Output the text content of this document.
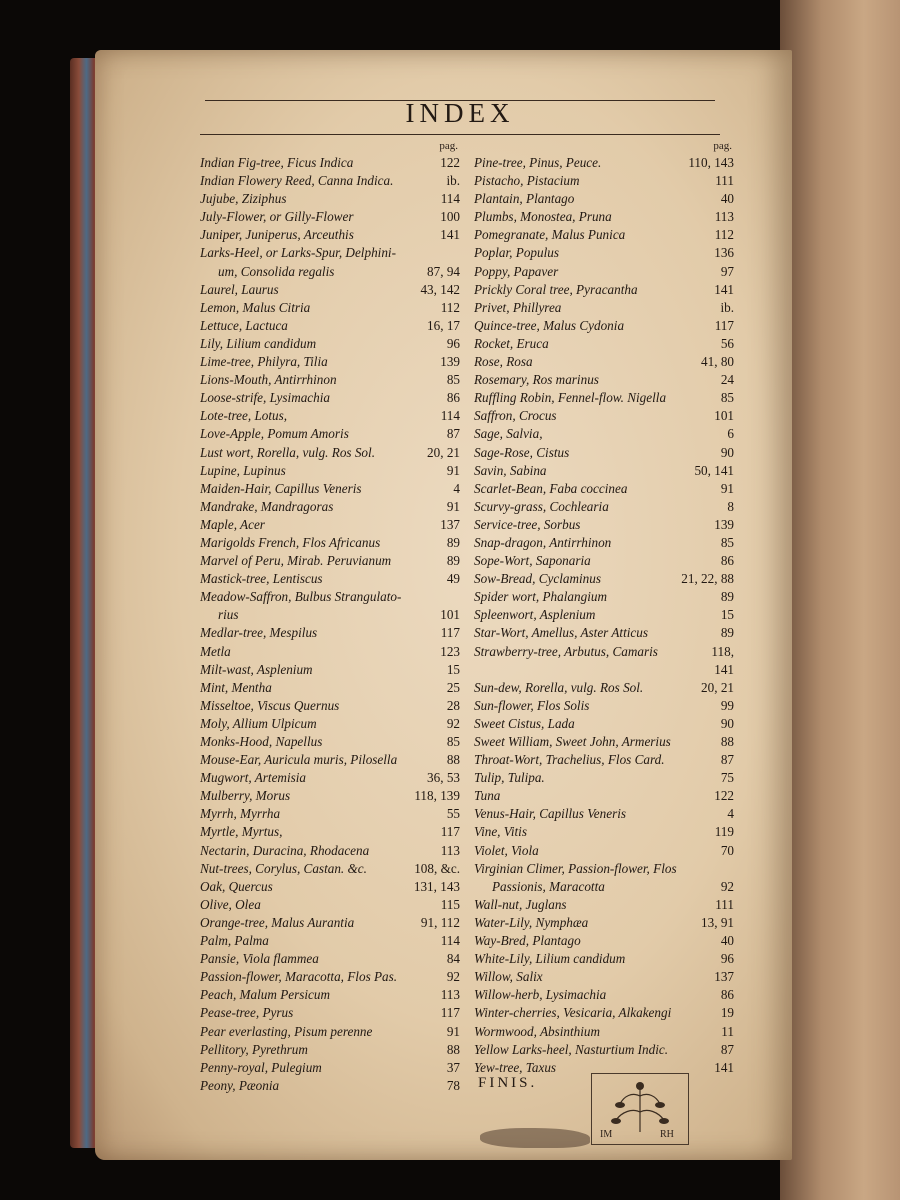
INDEX
pag.
Indian Fig-tree, Ficus Indica	122
Indian Flowery Reed, Canna Indica.	ib.
Jujube, Ziziphus	114
July-Flower, or Gilly-Flower	100
Juniper, Juniperus, Arceuthis	141
Larks-Heel, or Larks-Spur, Delphini-
um, Consolida regalis	87, 94
Laurel, Laurus	43, 142
Lemon, Malus Citria	112
Lettuce, Lactuca	16, 17
Lily, Lilium candidum	96
Lime-tree, Philyra, Tilia	139
Lions-Mouth, Antirrhinon	85
Loose-strife, Lysimachia	86
Lote-tree, Lotus,	114
Love-Apple, Pomum Amoris	87
Lust wort, Rorella, vulg. Ros Sol.	20, 21
Lupine, Lupinus	91
Maiden-Hair, Capillus Veneris	4
Mandrake, Mandragoras	91
Maple, Acer	137
Marigolds French, Flos Africanus	89
Marvel of Peru, Mirab. Peruvianum	89
Mastick-tree, Lentiscus	49
Meadow-Saffron, Bulbus Strangulato-
rius	101
Medlar-tree, Mespilus	117
Metla	123
Milt-wast, Asplenium	15
Mint, Mentha	25
Misseltoe, Viscus Quernus	28
Moly, Allium Ulpicum	92
Monks-Hood, Napellus	85
Mouse-Ear, Auricula muris, Pilosella	88
Mugwort, Artemisia	36, 53
Mulberry, Morus	118, 139
Myrrh, Myrrha	55
Myrtle, Myrtus,	117
Nectarin, Duracina, Rhodacena	113
Nut-trees, Corylus, Castan. &c.	108, &c.
Oak, Quercus	131, 143
Olive, Olea	115
Orange-tree, Malus Aurantia	91, 112
Palm, Palma	114
Pansie, Viola flammea	84
Passion-flower, Maracotta, Flos Pas.	92
Peach, Malum Persicum	113
Pease-tree, Pyrus	117
Pear everlasting, Pisum perenne	91
Pellitory, Pyrethrum	88
Penny-royal, Pulegium	37
Peony, Pæonia	78
pag.
Pine-tree, Pinus, Peuce.	110, 143
Pistacho, Pistacium	111
Plantain, Plantago	40
Plumbs, Monostea, Pruna	113
Pomegranate, Malus Punica	112
Poplar, Populus	136
Poppy, Papaver	97
Prickly Coral tree, Pyracantha	141
Privet, Phillyrea	ib.
Quince-tree, Malus Cydonia	117
Rocket, Eruca	56
Rose, Rosa	41, 80
Rosemary, Ros marinus	24
Ruffling Robin, Fennel-flow. Nigella	85
Saffron, Crocus	101
Sage, Salvia,	6
Sage-Rose, Cistus	90
Savin, Sabina	50, 141
Scarlet-Bean, Faba coccinea	91
Scurvy-grass, Cochlearia	8
Service-tree, Sorbus	139
Snap-dragon, Antirrhinon	85
Sope-Wort, Saponaria	86
Sow-Bread, Cyclaminus	21, 22, 88
Spider wort, Phalangium	89
Spleenwort, Asplenium	15
Star-Wort, Amellus, Aster Atticus	89
Strawberry-tree, Arbutus, Camaris	118,
141
Sun-dew, Rorella, vulg. Ros Sol.	20, 21
Sun-flower, Flos Solis	99
Sweet Cistus, Lada	90
Sweet William, Sweet John, Armerius	88
Throat-Wort, Trachelius, Flos Card.	87
Tulip, Tulipa.	75
Tuna	122
Venus-Hair, Capillus Veneris	4
Vine, Vitis	119
Violet, Viola	70
Virginian Climer, Passion-flower, Flos
Passionis, Maracotta	92
Wall-nut, Juglans	111
Water-Lily, Nymphæa	13, 91
Way-Bred, Plantago	40
White-Lily, Lilium candidum	96
Willow, Salix	137
Willow-herb, Lysimachia	86
Winter-cherries, Vesicaria, Alkakengi	19
Wormwood, Absinthium	11
Yellow Larks-heel, Nasturtium Indic.	87
Yew-tree, Taxus	141
FINIS.
IM	RH
